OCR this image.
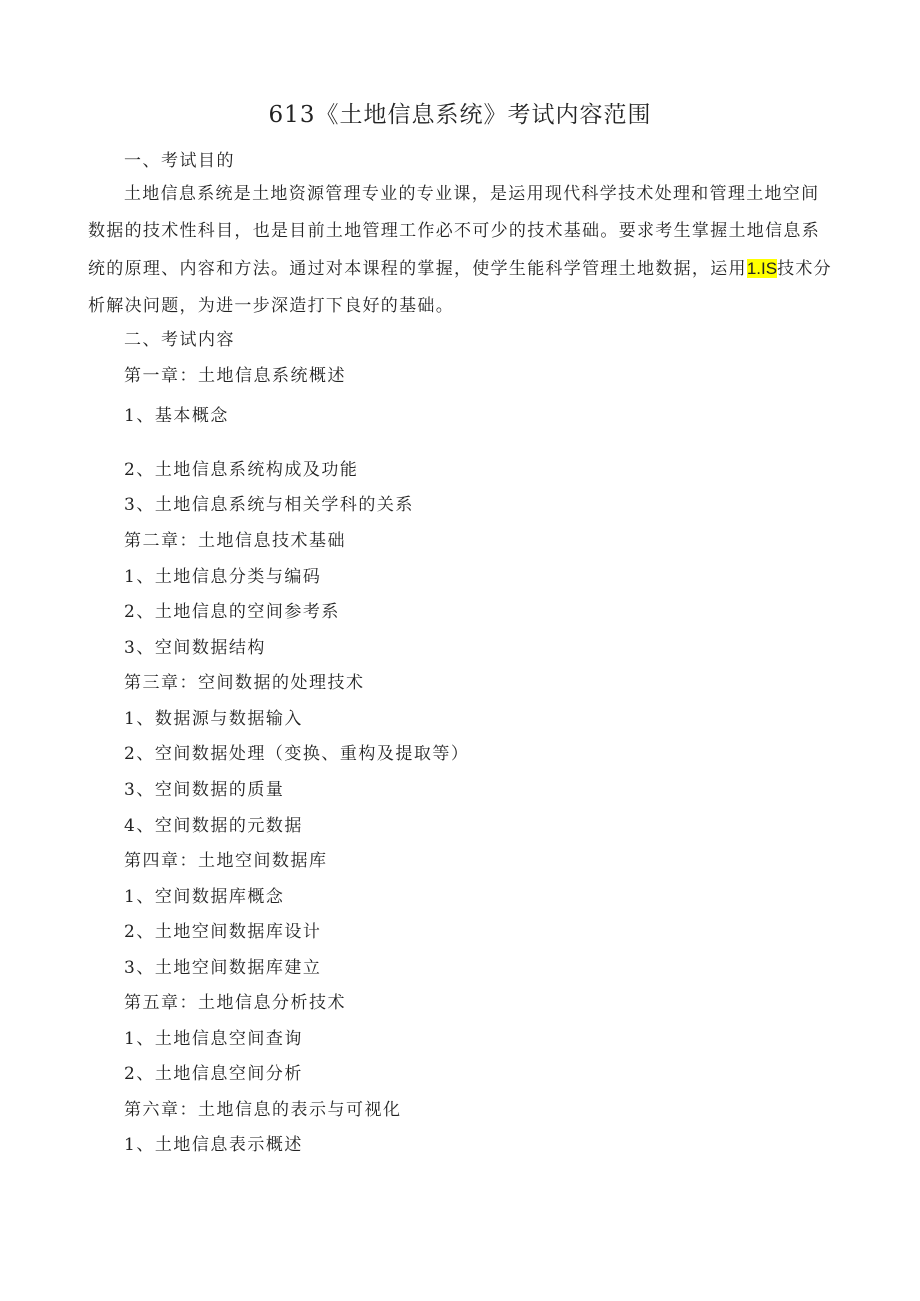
613《土地信息系统》考试内容范围
一、考试目的
土地信息系统是土地资源管理专业的专业课，是运用现代科学技术处理和管理土地空间
数据的技术性科目，也是目前土地管理工作必不可少的技术基础。要求考生掌握土地信息系
统的原理、内容和方法。通过对本课程的掌握，使学生能科学管理土地数据，运用1.IS技术分
析解决问题，为进一步深造打下良好的基础。
二、考试内容
第一章：土地信息系统概述
1、基本概念
2、土地信息系统构成及功能
3、土地信息系统与相关学科的关系
第二章：土地信息技术基础
1、土地信息分类与编码
2、土地信息的空间参考系
3、空间数据结构
第三章：空间数据的处理技术
1、数据源与数据输入
2、空间数据处理（变换、重构及提取等）
3、空间数据的质量
4、空间数据的元数据
第四章：土地空间数据库
1、空间数据库概念
2、土地空间数据库设计
3、土地空间数据库建立
第五章：土地信息分析技术
1、土地信息空间查询
2、土地信息空间分析
第六章：土地信息的表示与可视化
1、土地信息表示概述
